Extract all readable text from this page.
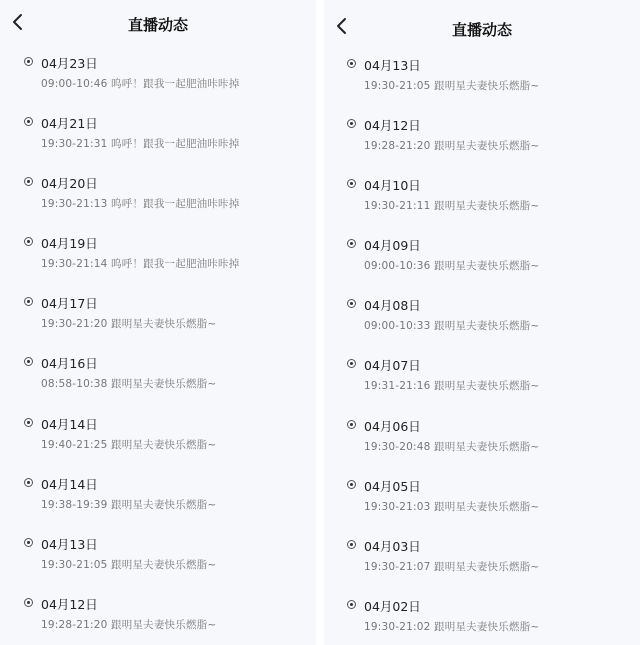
直播动态
04月23日
09:00-10:46 呜呼！跟我一起肥油咔咔掉
04月21日
19:30-21:31 呜呼！跟我一起肥油咔咔掉
04月20日
19:30-21:13 呜呼！跟我一起肥油咔咔掉
04月19日
19:30-21:14 呜呼！跟我一起肥油咔咔掉
04月17日
19:30-21:20 跟明星夫妻快乐燃脂~
04月16日
08:58-10:38 跟明星夫妻快乐燃脂~
04月14日
19:40-21:25 跟明星夫妻快乐燃脂~
04月14日
19:38-19:39 跟明星夫妻快乐燃脂~
04月13日
19:30-21:05 跟明星夫妻快乐燃脂~
04月12日
19:28-21:20 跟明星夫妻快乐燃脂~
直播动态
04月13日
19:30-21:05 跟明星夫妻快乐燃脂~
04月12日
19:28-21:20 跟明星夫妻快乐燃脂~
04月10日
19:30-21:11 跟明星夫妻快乐燃脂~
04月09日
09:00-10:36 跟明星夫妻快乐燃脂~
04月08日
09:00-10:33 跟明星夫妻快乐燃脂~
04月07日
19:31-21:16 跟明星夫妻快乐燃脂~
04月06日
19:30-20:48 跟明星夫妻快乐燃脂~
04月05日
19:30-21:03 跟明星夫妻快乐燃脂~
04月03日
19:30-21:07 跟明星夫妻快乐燃脂~
04月02日
19:30-21:02 跟明星夫妻快乐燃脂~
